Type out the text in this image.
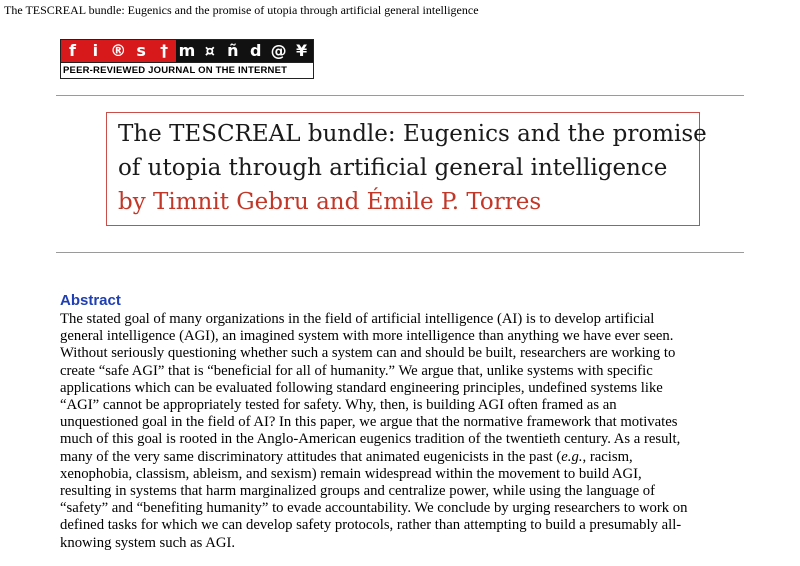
The TESCREAL bundle: Eugenics and the promise of utopia through artificial general intelligence
f	i ® s † m ¤ ñ d @ ¥
PEER-REVIEWED JOURNAL ON THE INTERNET
The TESCREAL bundle: Eugenics and the promise
of utopia through artificial general intelligence
by Timnit Gebru and Émile P. Torres
Abstract
The stated goal of many organizations in the field of artificial intelligence (AI) is to develop artificial
general intelligence (AGI), an imagined system with more intelligence than anything we have ever seen.
Without seriously questioning whether such a system can and should be built, researchers are working to
create “safe AGI” that is “beneficial for all of humanity.” We argue that, unlike systems with specific
applications which can be evaluated following standard engineering principles, undefined systems like
“AGI” cannot be appropriately tested for safety. Why, then, is building AGI often framed as an
unquestioned goal in the field of AI? In this paper, we argue that the normative framework that motivates
much of this goal is rooted in the Anglo-American eugenics tradition of the twentieth century. As a result,
many of the very same discriminatory attitudes that animated eugenicists in the past (e.g., racism,
xenophobia, classism, ableism, and sexism) remain widespread within the movement to build AGI,
resulting in systems that harm marginalized groups and centralize power, while using the language of
“safety” and “benefiting humanity” to evade accountability. We conclude by urging researchers to work on
defined tasks for which we can develop safety protocols, rather than attempting to build a presumably all-
knowing system such as AGI.
